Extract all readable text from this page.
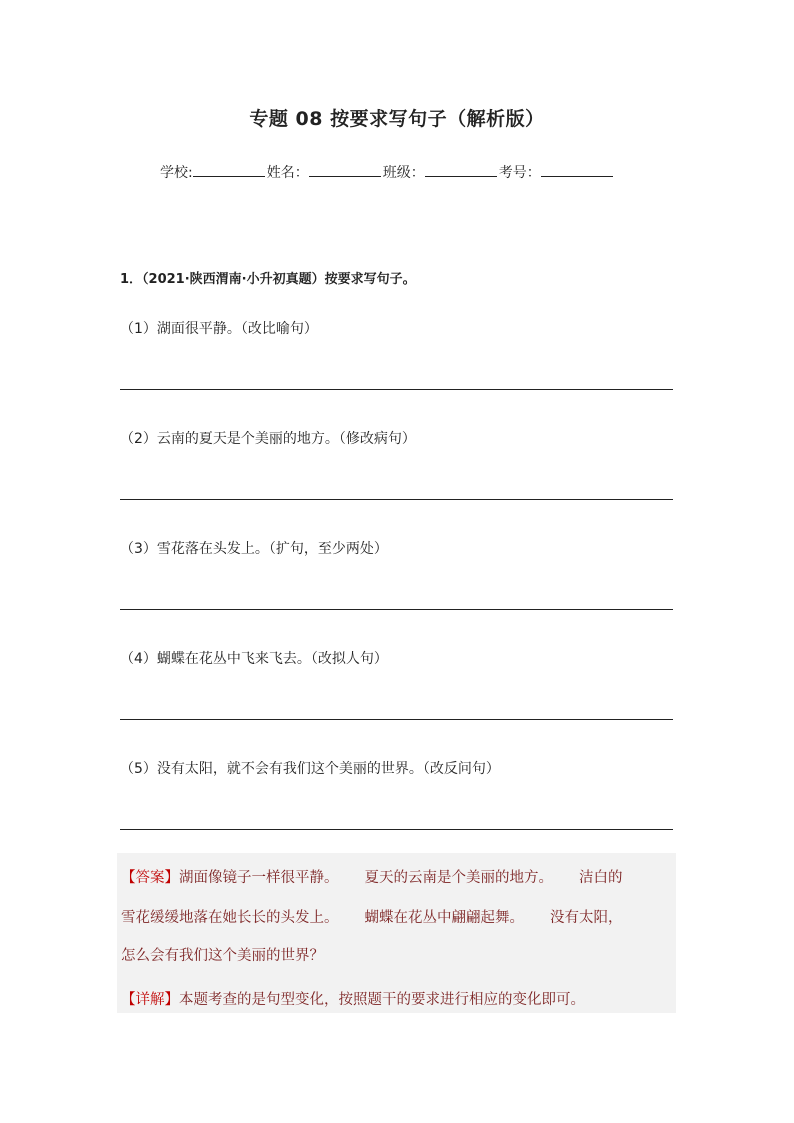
专题 08 按要求写句子（解析版）
学校:	姓名：	班级：	考号：
1．（2021·陕西渭南·小升初真题）按要求写句子。
（1）湖面很平静。（改比喻句）
（2）云南的夏天是个美丽的地方。（修改病句）
（3）雪花落在头发上。（扩句，至少两处）
（4）蝴蝶在花丛中飞来飞去。（改拟人句）
（5）没有太阳，就不会有我们这个美丽的世界。（改反问句）
【答案】湖面像镜子一样很平静。 夏天的云南是个美丽的地方。 洁白的
雪花缓缓地落在她长长的头发上。 蝴蝶在花丛中翩翩起舞。 没有太阳，
怎么会有我们这个美丽的世界？
【详解】本题考查的是句型变化，按照题干的要求进行相应的变化即可。
